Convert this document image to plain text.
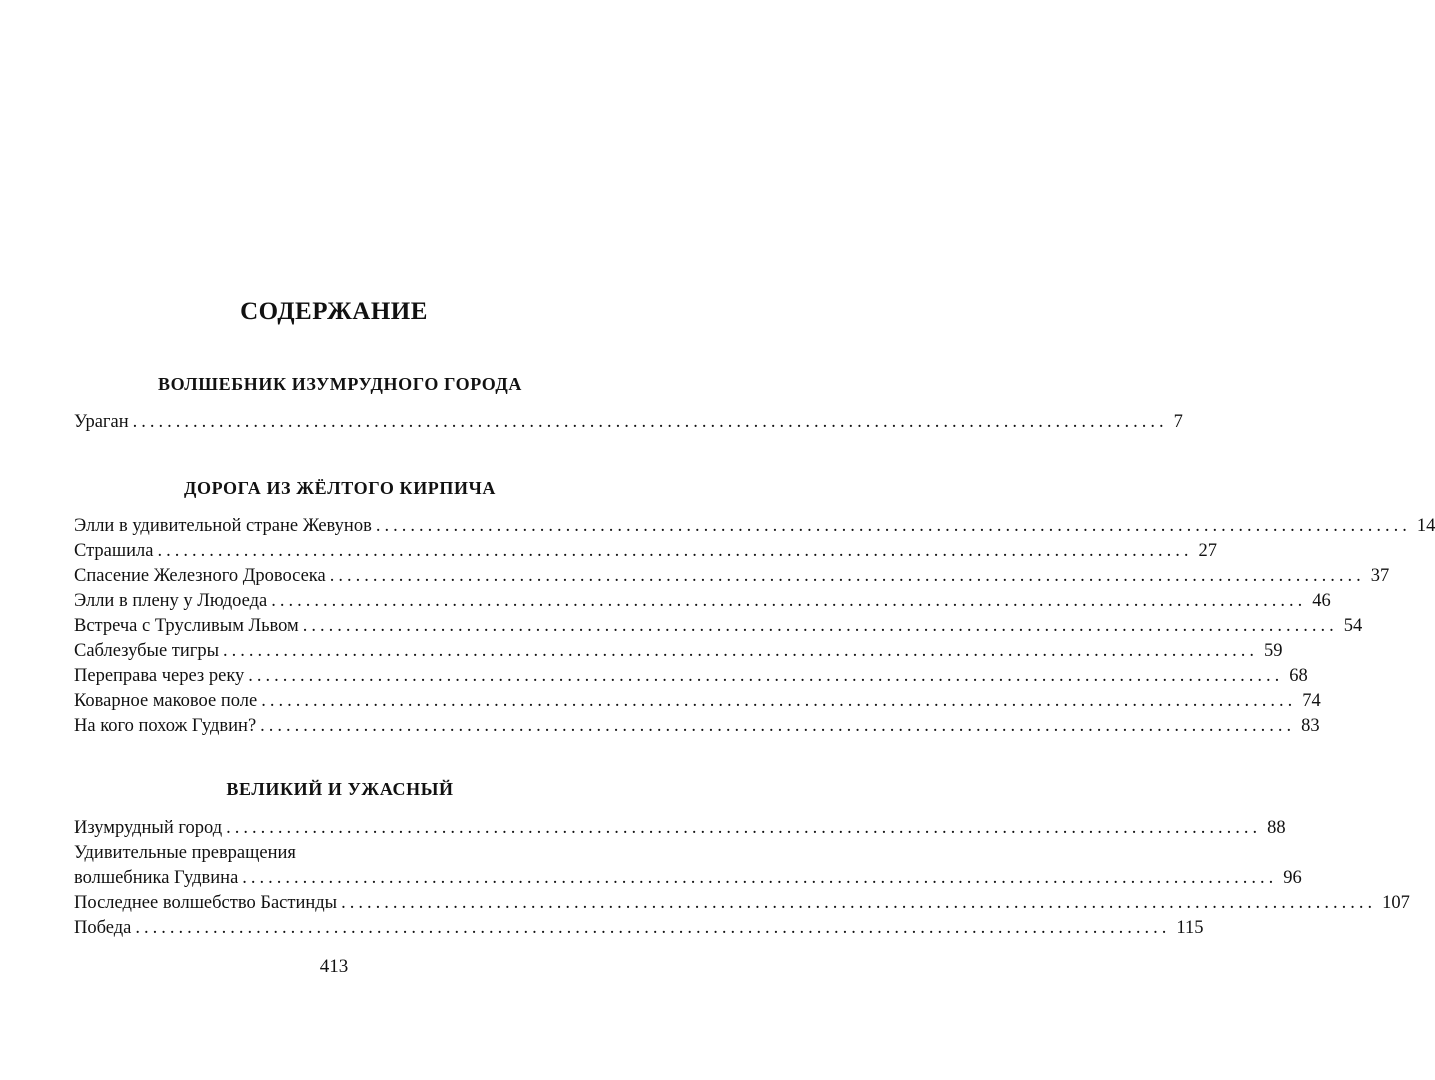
СОДЕРЖАНИЕ
ВОЛШЕБНИК ИЗУМРУДНОГО ГОРОДА
Ураган ........................................................................................................................ 7
ДОРОГА ИЗ ЖЁЛТОГО КИРПИЧА
Элли в удивительной стране Жевунов ........................................................................................................................ 14
Страшила ........................................................................................................................ 27
Спасение Железного Дровосека ........................................................................................................................ 37
Элли в плену у Людоеда ........................................................................................................................ 46
Встреча с Трусливым Львом ........................................................................................................................ 54
Саблезубые тигры ........................................................................................................................ 59
Переправа через реку ........................................................................................................................ 68
Коварное маковое поле ........................................................................................................................ 74
На кого похож Гудвин? ........................................................................................................................ 83
ВЕЛИКИЙ И УЖАСНЫЙ
Изумрудный город ........................................................................................................................ 88
Удивительные превращения
волшебника Гудвина ........................................................................................................................ 96
Последнее волшебство Бастинды ........................................................................................................................ 107
Победа ........................................................................................................................ 115
413
